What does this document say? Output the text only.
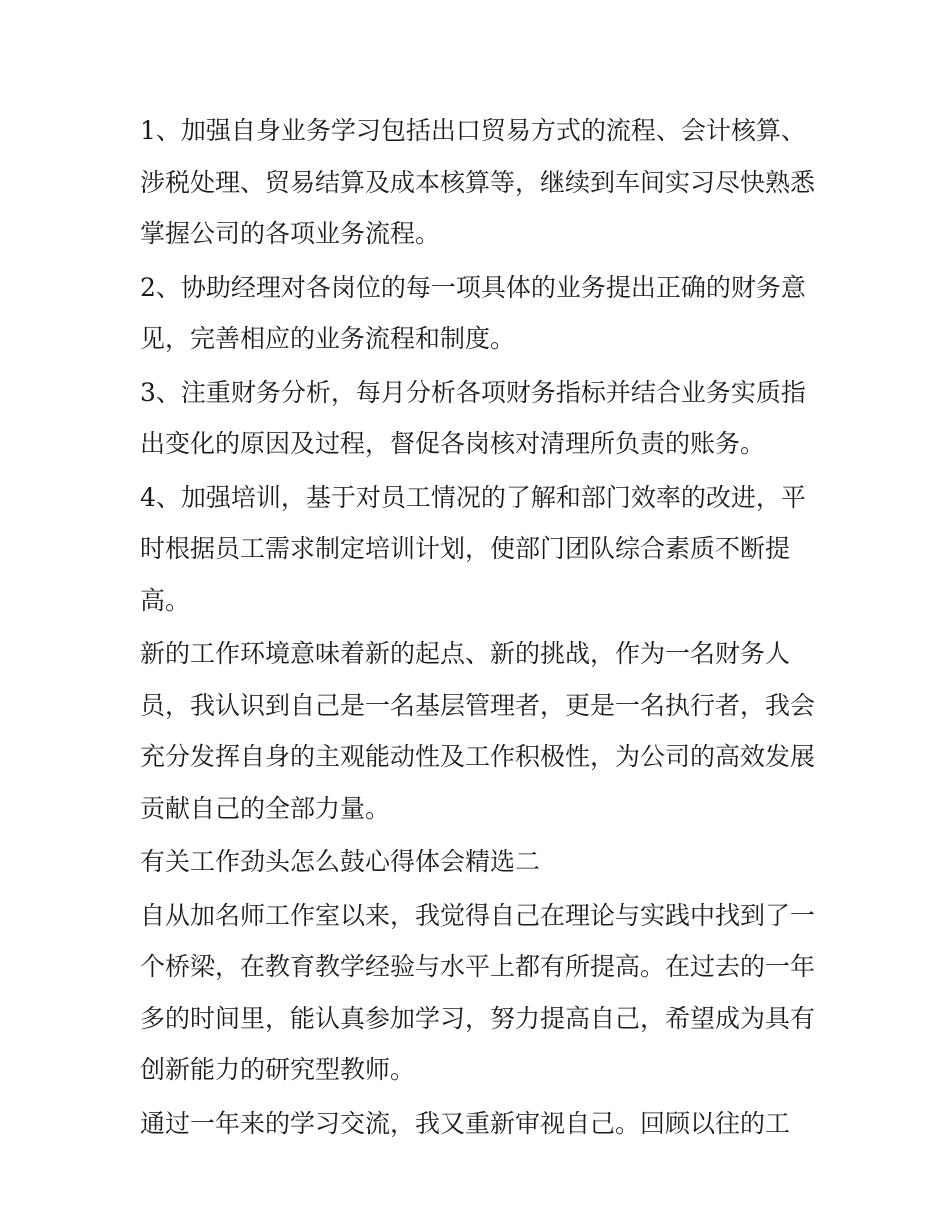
1、加强自身业务学习包括出口贸易方式的流程、会计核算、
涉税处理、贸易结算及成本核算等，继续到车间实习尽快熟悉
掌握公司的各项业务流程。
2、协助经理对各岗位的每一项具体的业务提出正确的财务意
见，完善相应的业务流程和制度。
3、注重财务分析，每月分析各项财务指标并结合业务实质指
出变化的原因及过程，督促各岗核对清理所负责的账务。
4、加强培训，基于对员工情况的了解和部门效率的改进，平
时根据员工需求制定培训计划，使部门团队综合素质不断提
高。
新的工作环境意味着新的起点、新的挑战，作为一名财务人
员，我认识到自己是一名基层管理者，更是一名执行者，我会
充分发挥自身的主观能动性及工作积极性，为公司的高效发展
贡献自己的全部力量。
有关工作劲头怎么鼓心得体会精选二
自从加名师工作室以来，我觉得自己在理论与实践中找到了一
个桥梁，在教育教学经验与水平上都有所提高。在过去的一年
多的时间里，能认真参加学习，努力提高自己，希望成为具有
创新能力的研究型教师。
通过一年来的学习交流，我又重新审视自己。回顾以往的工
